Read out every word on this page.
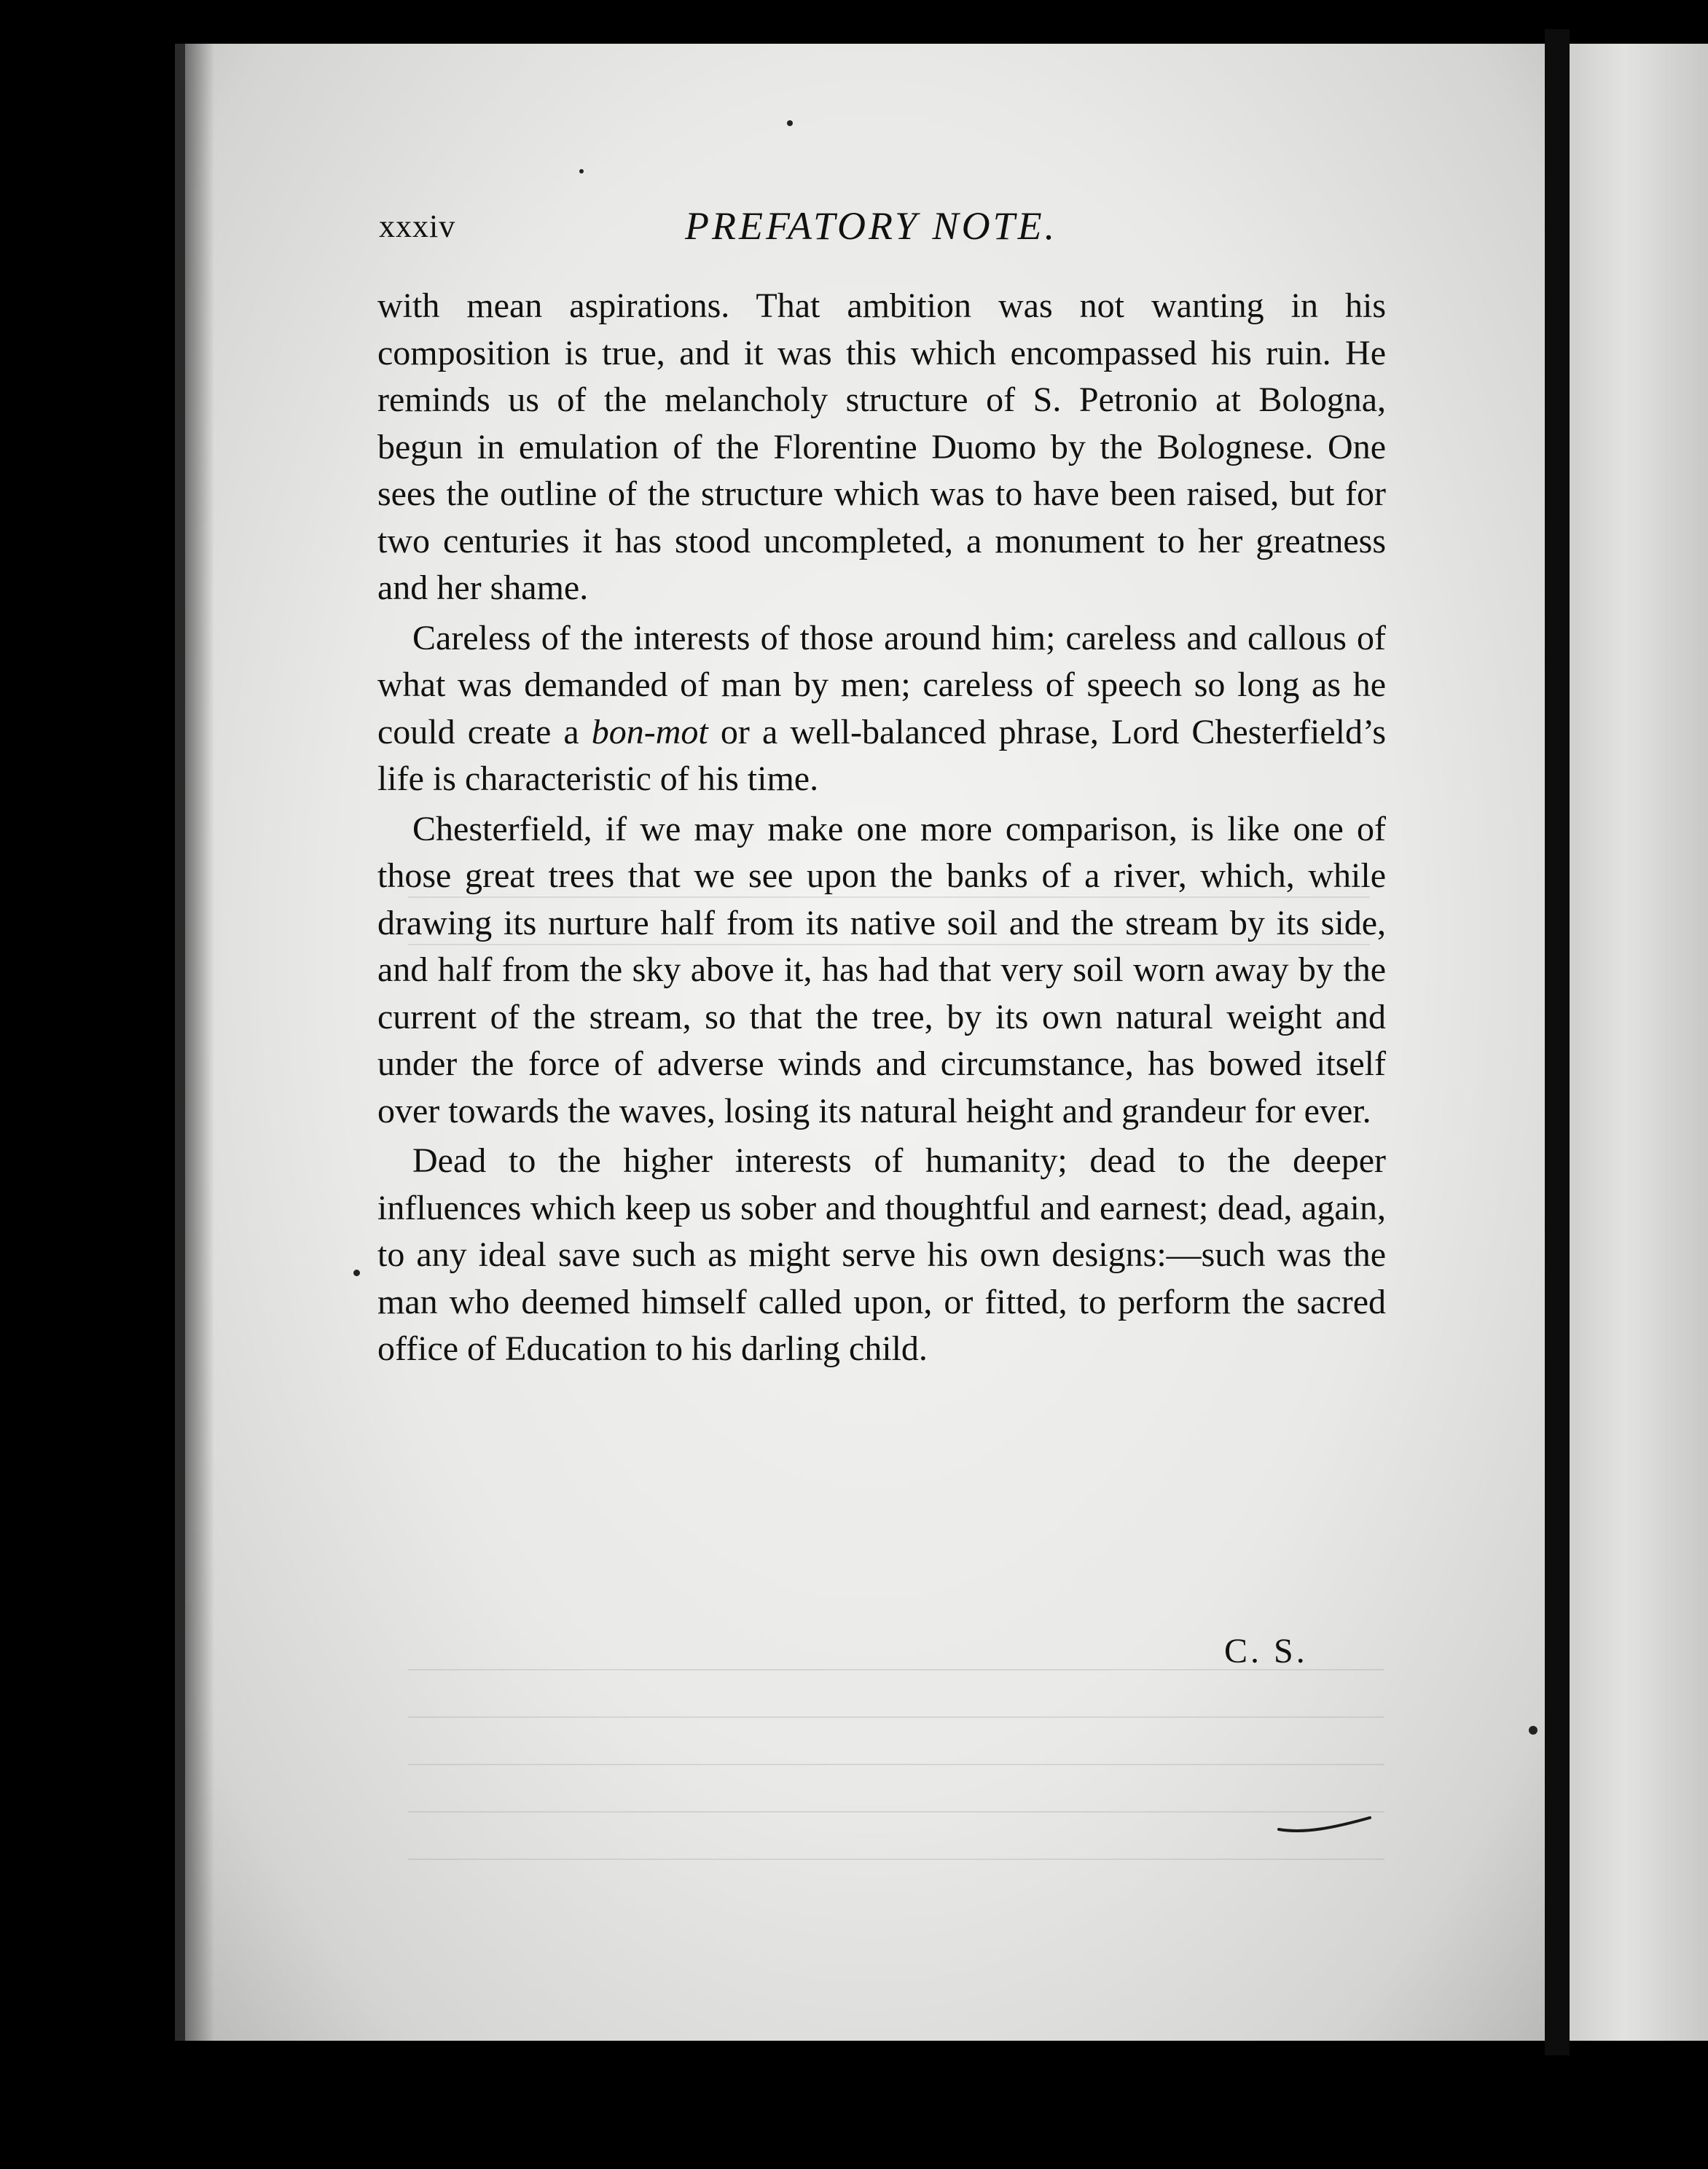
xxxiv	PREFATORY NOTE.

with mean aspirations. That ambition was not wanting in his composition is true, and it was this which encompassed his ruin. He reminds us of the melancholy structure of S. Petronio at Bologna, begun in emulation of the Florentine Duomo by the Bolognese. One sees the outline of the structure which was to have been raised, but for two centuries it has stood uncompleted, a monument to her greatness and her shame.

Careless of the interests of those around him; careless and callous of what was demanded of man by men; careless of speech so long as he could create a bon-mot or a well-balanced phrase, Lord Chesterfield’s life is characteristic of his time.

Chesterfield, if we may make one more comparison, is like one of those great trees that we see upon the banks of a river, which, while drawing its nurture half from its native soil and the stream by its side, and half from the sky above it, has had that very soil worn away by the current of the stream, so that the tree, by its own natural weight and under the force of adverse winds and circumstance, has bowed itself over towards the waves, losing its natural height and grandeur for ever.

Dead to the higher interests of humanity; dead to the deeper influences which keep us sober and thoughtful and earnest; dead, again, to any ideal save such as might serve his own designs:—such was the man who deemed himself called upon, or fitted, to perform the sacred office of Education to his darling child.

C. S.
